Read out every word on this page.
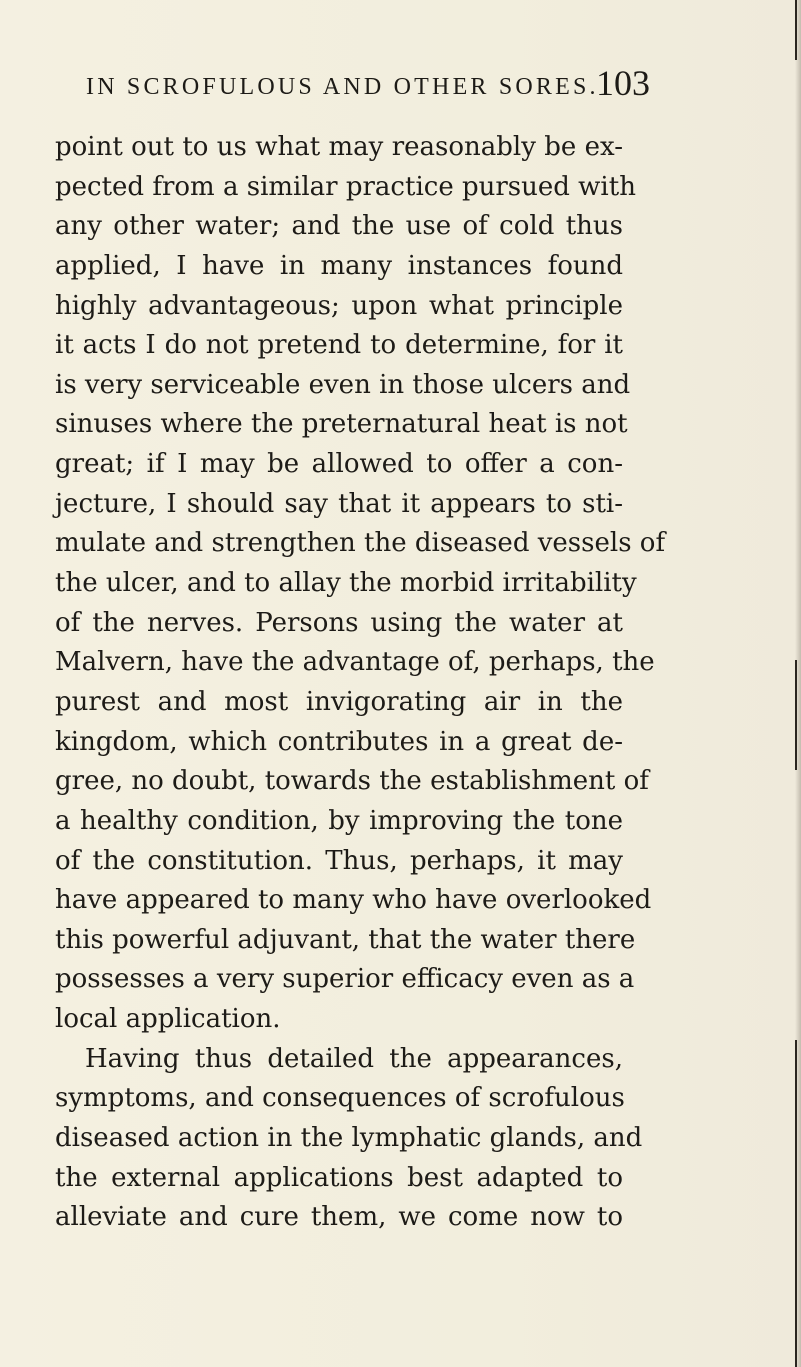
IN SCROFULOUS AND OTHER SORES.
103
point out to us what may reasonably be ex-
pected from a similar practice pursued with
any other water; and the use of cold thus
applied, I have in many instances found
highly advantageous; upon what principle
it acts I do not pretend to determine, for it
is very serviceable even in those ulcers and
sinuses where the preternatural heat is not
great; if I may be allowed to offer a con-
jecture, I should say that it appears to sti-
mulate and strengthen the diseased vessels of
the ulcer, and to allay the morbid irritability
of the nerves. Persons using the water at
Malvern, have the advantage of, perhaps, the
purest and most invigorating air in the
kingdom, which contributes in a great de-
gree, no doubt, towards the establishment of
a healthy condition, by improving the tone
of the constitution. Thus, perhaps, it may
have appeared to many who have overlooked
this powerful adjuvant, that the water there
possesses a very superior efficacy even as a
local application.
Having thus detailed the appearances,
symptoms, and consequences of scrofulous
diseased action in the lymphatic glands, and
the external applications best adapted to
alleviate and cure them, we come now to
